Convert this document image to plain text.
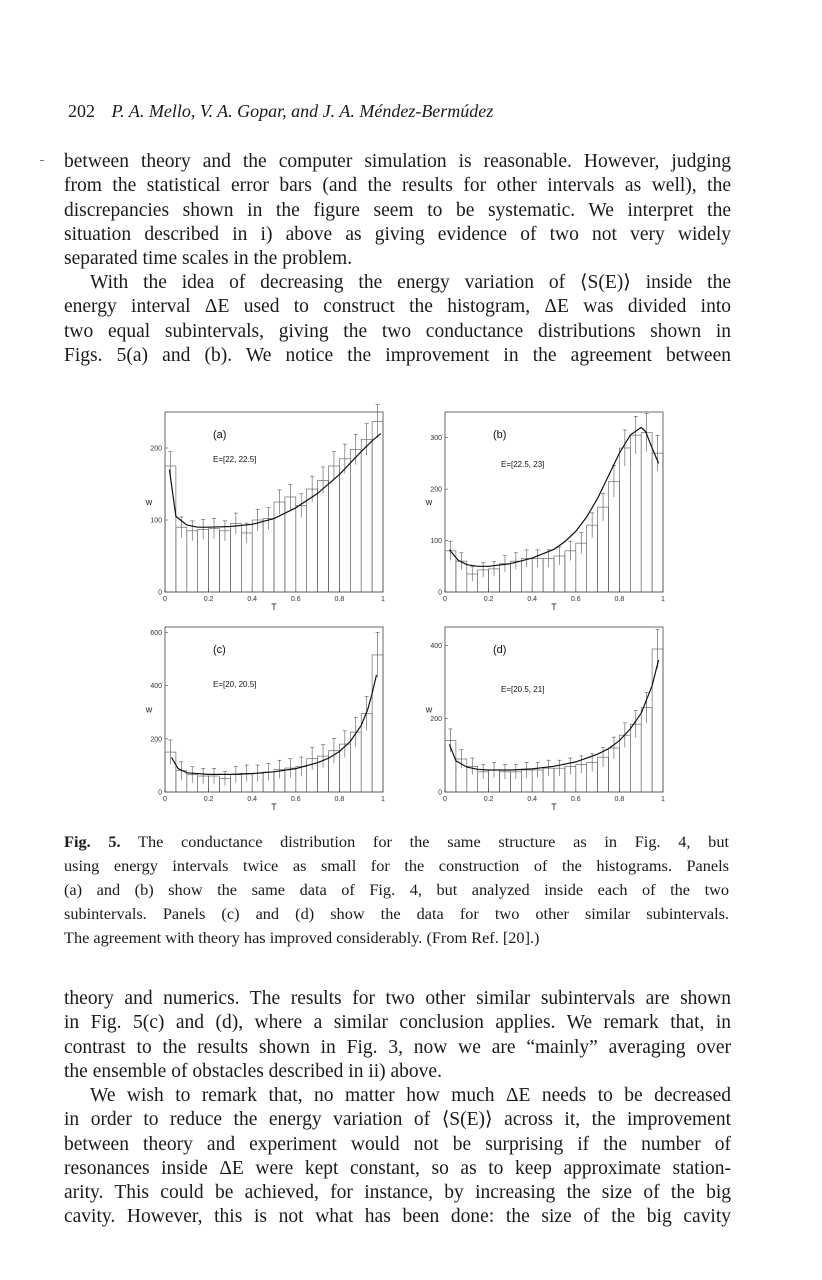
202 P. A. Mello, V. A. Gopar, and J. A. Méndez-Bermúdez
between theory and the computer simulation is reasonable. However, judging
from the statistical error bars (and the results for other intervals as well), the
discrepancies shown in the figure seem to be systematic. We interpret the
situation described in i) above as giving evidence of two not very widely
separated time scales in the problem.
With the idea of decreasing the energy variation of ⟨S(E)⟩ inside the
energy interval ΔE used to construct the histogram, ΔE was divided into
two equal subintervals, giving the two conductance distributions shown in
Figs. 5(a) and (b). We notice the improvement in the agreement between
0	0.2	0.4	0.6	0.8	1
0
100
200
T
w
(a)
E=[22, 22.5]
0	0.2	0.4	0.6	0.8	1
0
100
200
300
T
w
(b)
E=[22.5, 23]
0	0.2	0.4	0.6	0.8	1
0
200
400
600
T
w
(c)
E=[20, 20.5]
0	0.2	0.4	0.6	0.8	1
0
200
400
T
w
(d)
E=[20.5, 21]
Fig. 5. The conductance distribution for the same structure as in Fig. 4, but
using energy intervals twice as small for the construction of the histograms. Panels
(a) and (b) show the same data of Fig. 4, but analyzed inside each of the two
subintervals. Panels (c) and (d) show the data for two other similar subintervals.
The agreement with theory has improved considerably. (From Ref. [20].)
theory and numerics. The results for two other similar subintervals are shown
in Fig. 5(c) and (d), where a similar conclusion applies. We remark that, in
contrast to the results shown in Fig. 3, now we are “mainly” averaging over
the ensemble of obstacles described in ii) above.
We wish to remark that, no matter how much ΔE needs to be decreased
in order to reduce the energy variation of ⟨S(E)⟩ across it, the improvement
between theory and experiment would not be surprising if the number of
resonances inside ΔE were kept constant, so as to keep approximate station-
arity. This could be achieved, for instance, by increasing the size of the big
cavity. However, this is not what has been done: the size of the big cavity
